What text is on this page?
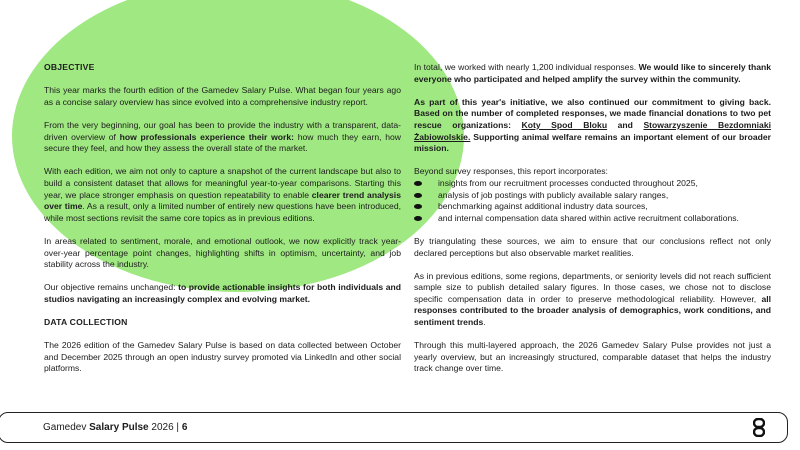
OBJECTIVE

This year marks the fourth edition of the Gamedev Salary Pulse. What began four years ago as a concise salary overview has since evolved into a comprehensive industry report.

From the very beginning, our goal has been to provide the industry with a transparent, data-driven overview of how professionals experience their work: how much they earn, how secure they feel, and how they assess the overall state of the market.

With each edition, we aim not only to capture a snapshot of the current landscape but also to build a consistent dataset that allows for meaningful year-to-year comparisons. Starting this year, we place stronger emphasis on question repeatability to enable clearer trend analysis over time. As a result, only a limited number of entirely new questions have been introduced, while most sections revisit the same core topics as in previous editions.

In areas related to sentiment, morale, and emotional outlook, we now explicitly track year-over-year percentage point changes, highlighting shifts in optimism, uncertainty, and job stability across the industry.

Our objective remains unchanged: to provide actionable insights for both individuals and studios navigating an increasingly complex and evolving market.

DATA COLLECTION

The 2026 edition of the Gamedev Salary Pulse is based on data collected between October and December 2025 through an open industry survey promoted via LinkedIn and other social platforms.

In total, we worked with nearly 1,200 individual responses. We would like to sincerely thank everyone who participated and helped amplify the survey within the community.

As part of this year's initiative, we also continued our commitment to giving back. Based on the number of completed responses, we made financial donations to two pet rescue organizations: Koty Spod Bloku and Stowarzyszenie Bezdomniaki Żabiowolskie. Supporting animal welfare remains an important element of our broader mission.

Beyond survey responses, this report incorporates:
insights from our recruitment processes conducted throughout 2025,
analysis of job postings with publicly available salary ranges,
benchmarking against additional industry data sources,
and internal compensation data shared within active recruitment collaborations.

By triangulating these sources, we aim to ensure that our conclusions reflect not only declared perceptions but also observable market realities.

As in previous editions, some regions, departments, or seniority levels did not reach sufficient sample size to publish detailed salary figures. In those cases, we chose not to disclose specific compensation data in order to preserve methodological reliability. However, all responses contributed to the broader analysis of demographics, work conditions, and sentiment trends.

Through this multi-layered approach, the 2026 Gamedev Salary Pulse provides not just a yearly overview, but an increasingly structured, comparable dataset that helps the industry track change over time.

Gamedev Salary Pulse 2026 | 6
